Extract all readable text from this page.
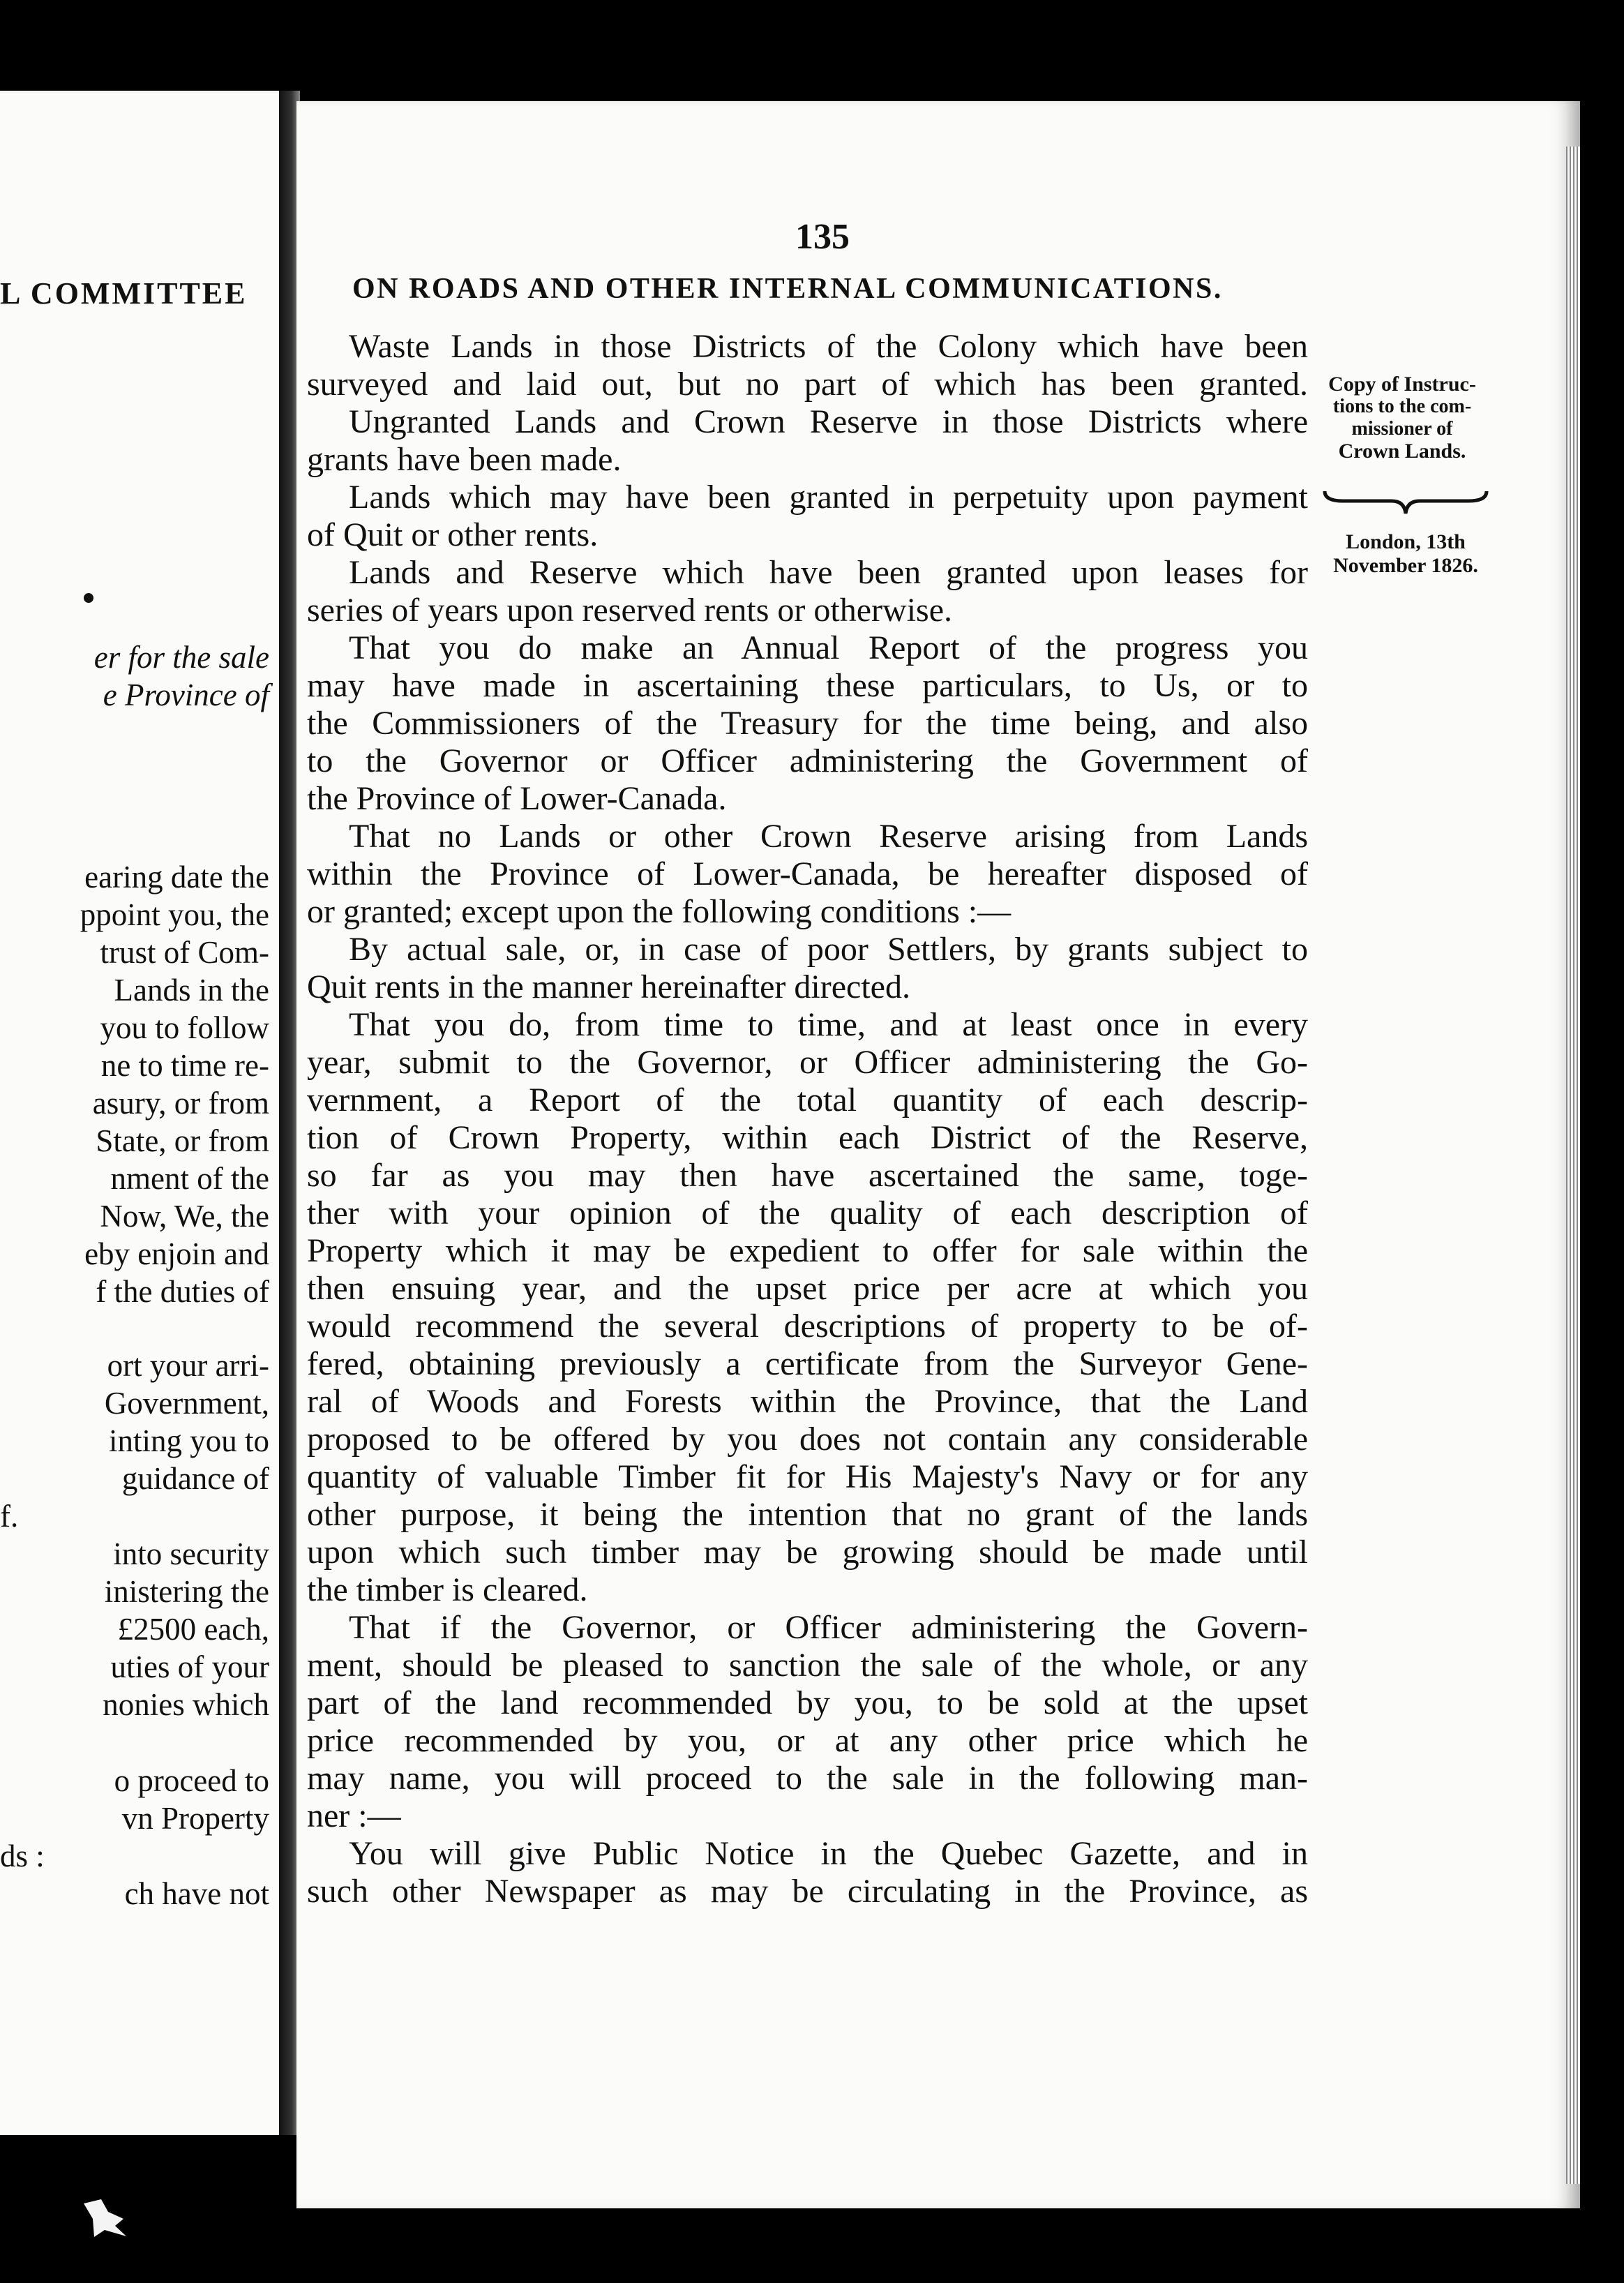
L COMMITTEE
er for the sale
e Province of
earing date the
ppoint you, the
trust of Com-
Lands in the
you to follow
ne to time re-
asury, or from
State, or from
nment of the
Now, We, the
eby enjoin and
f the duties of
ort your arri-
Government,
inting you to
guidance of
f.
into security
inistering the
£2500 each,
uties of your
nonies which
o proceed to
vn Property
ds :
ch have not
135
ON ROADS AND OTHER INTERNAL COMMUNICATIONS.
Waste Lands in those Districts of the Colony which have been
surveyed and laid out, but no part of which has been granted.
Ungranted Lands and Crown Reserve in those Districts where
grants have been made.
Lands which may have been granted in perpetuity upon payment
of Quit or other rents.
Lands and Reserve which have been granted upon leases for
series of years upon reserved rents or otherwise.
That you do make an Annual Report of the progress you
may have made in ascertaining these particulars, to Us, or to
the Commissioners of the Treasury for the time being, and also
to the Governor or Officer administering the Government of
the Province of Lower-Canada.
That no Lands or other Crown Reserve arising from Lands
within the Province of Lower-Canada, be hereafter disposed of
or granted; except upon the following conditions :—
By actual sale, or, in case of poor Settlers, by grants subject to
Quit rents in the manner hereinafter directed.
That you do, from time to time, and at least once in every
year, submit to the Governor, or Officer administering the Go-
vernment, a Report of the total quantity of each descrip-
tion of Crown Property, within each District of the Reserve,
so far as you may then have ascertained the same, toge-
ther with your opinion of the quality of each description of
Property which it may be expedient to offer for sale within the
then ensuing year, and the upset price per acre at which you
would recommend the several descriptions of property to be of-
fered, obtaining previously a certificate from the Surveyor Gene-
ral of Woods and Forests within the Province, that the Land
proposed to be offered by you does not contain any considerable
quantity of valuable Timber fit for His Majesty's Navy or for any
other purpose, it being the intention that no grant of the lands
upon which such timber may be growing should be made until
the timber is cleared.
That if the Governor, or Officer administering the Govern-
ment, should be pleased to sanction the sale of the whole, or any
part of the land recommended by you, to be sold at the upset
price recommended by you, or at any other price which he
may name, you will proceed to the sale in the following man-
ner :—
You will give Public Notice in the Quebec Gazette, and in
such other Newspaper as may be circulating in the Province, as
Copy of Instruc-
tions to the com-
missioner of
Crown Lands.
London, 13th
November 1826.
